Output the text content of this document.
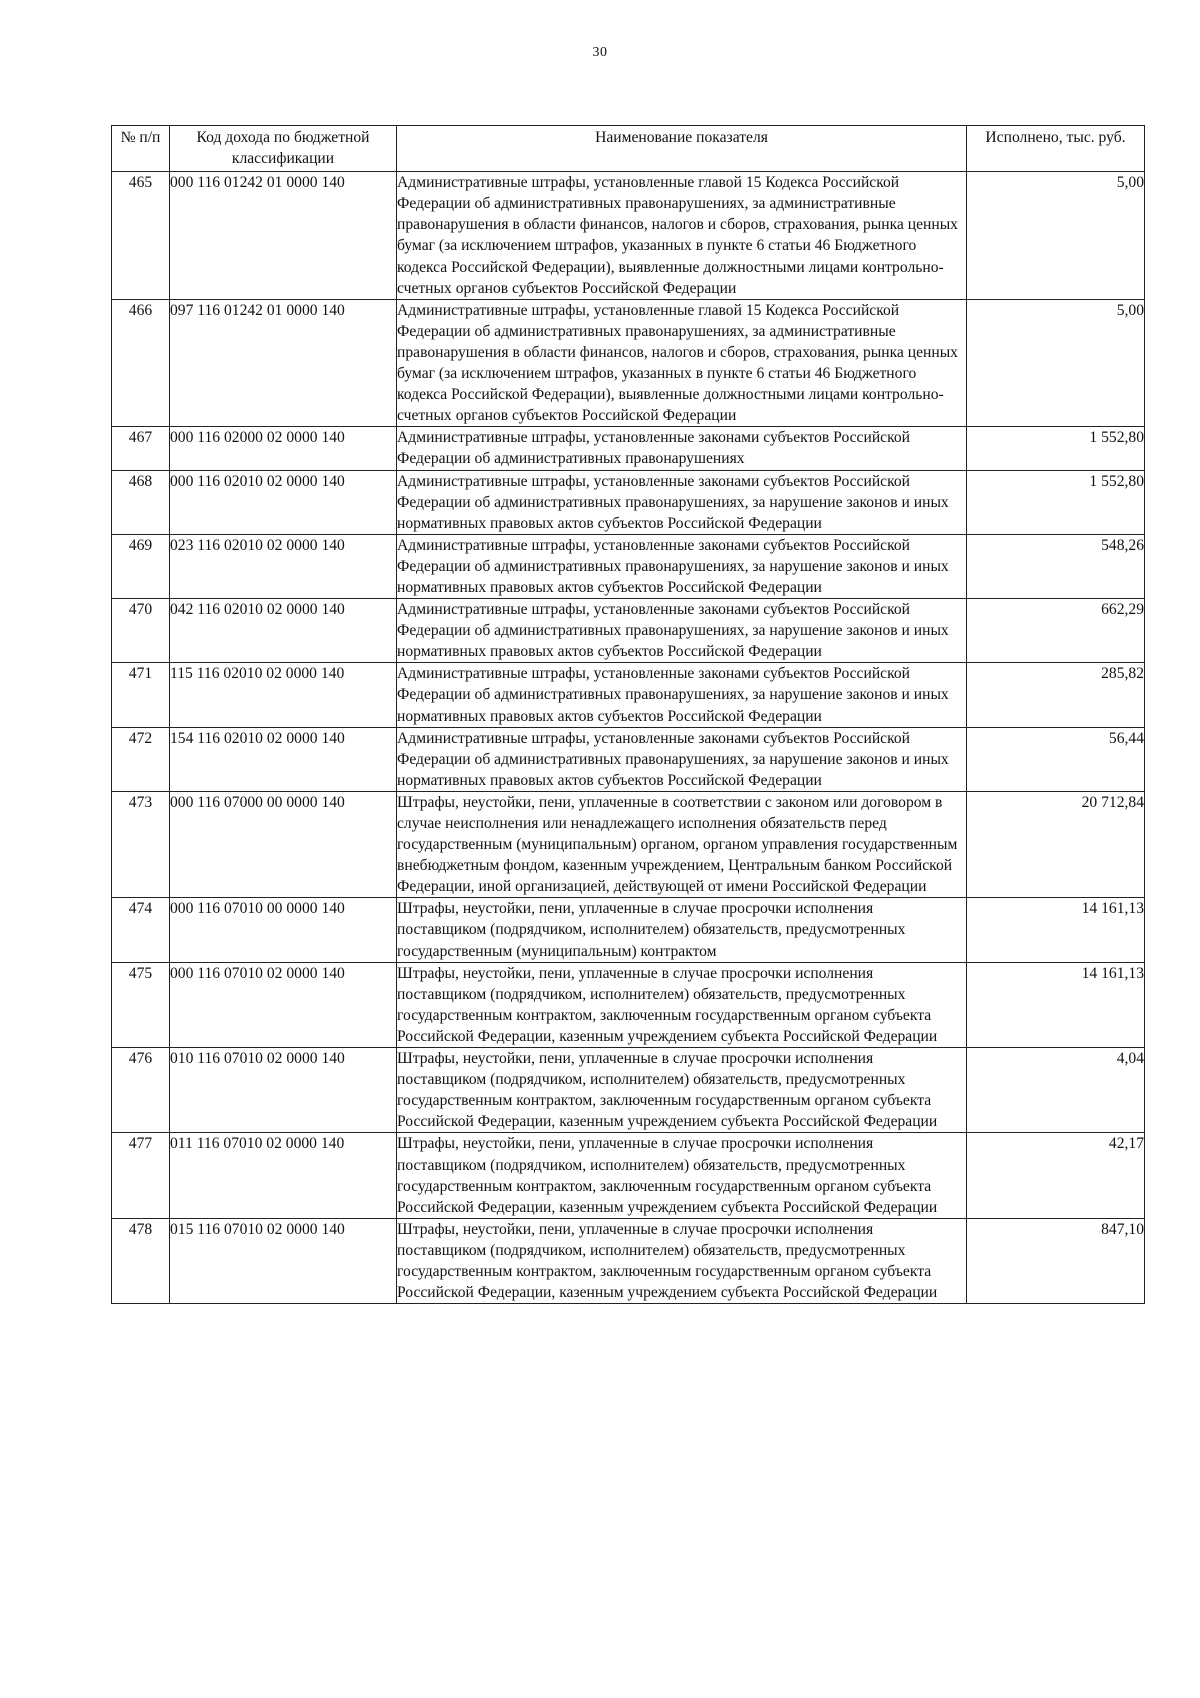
30
№ п/п	Код дохода по бюджетной классификации	Наименование показателя	Исполнено, тыс. руб.
465	000 116 01242 01 0000 140	Административные штрафы, установленные главой 15 Кодекса Российской Федерации об административных правонарушениях, за административные правонарушения в области финансов, налогов и сборов, страхования, рынка ценных бумаг (за исключением штрафов, указанных в пункте 6 статьи 46 Бюджетного кодекса Российской Федерации), выявленные должностными лицами контрольно-счетных органов субъектов Российской Федерации	5,00
466	097 116 01242 01 0000 140	Административные штрафы, установленные главой 15 Кодекса Российской Федерации об административных правонарушениях, за административные правонарушения в области финансов, налогов и сборов, страхования, рынка ценных бумаг (за исключением штрафов, указанных в пункте 6 статьи 46 Бюджетного кодекса Российской Федерации), выявленные должностными лицами контрольно-счетных органов субъектов Российской Федерации	5,00
467	000 116 02000 02 0000 140	Административные штрафы, установленные законами субъектов Российской Федерации об административных правонарушениях	1 552,80
468	000 116 02010 02 0000 140	Административные штрафы, установленные законами субъектов Российской Федерации об административных правонарушениях, за нарушение законов и иных нормативных правовых актов субъектов Российской Федерации	1 552,80
469	023 116 02010 02 0000 140	Административные штрафы, установленные законами субъектов Российской Федерации об административных правонарушениях, за нарушение законов и иных нормативных правовых актов субъектов Российской Федерации	548,26
470	042 116 02010 02 0000 140	Административные штрафы, установленные законами субъектов Российской Федерации об административных правонарушениях, за нарушение законов и иных нормативных правовых актов субъектов Российской Федерации	662,29
471	115 116 02010 02 0000 140	Административные штрафы, установленные законами субъектов Российской Федерации об административных правонарушениях, за нарушение законов и иных нормативных правовых актов субъектов Российской Федерации	285,82
472	154 116 02010 02 0000 140	Административные штрафы, установленные законами субъектов Российской Федерации об административных правонарушениях, за нарушение законов и иных нормативных правовых актов субъектов Российской Федерации	56,44
473	000 116 07000 00 0000 140	Штрафы, неустойки, пени, уплаченные в соответствии с законом или договором в случае неисполнения или ненадлежащего исполнения обязательств перед государственным (муниципальным) органом, органом управления государственным внебюджетным фондом, казенным учреждением, Центральным банком Российской Федерации, иной организацией, действующей от имени Российской Федерации	20 712,84
474	000 116 07010 00 0000 140	Штрафы, неустойки, пени, уплаченные в случае просрочки исполнения поставщиком (подрядчиком, исполнителем) обязательств, предусмотренных государственным (муниципальным) контрактом	14 161,13
475	000 116 07010 02 0000 140	Штрафы, неустойки, пени, уплаченные в случае просрочки исполнения поставщиком (подрядчиком, исполнителем) обязательств, предусмотренных государственным контрактом, заключенным государственным органом субъекта Российской Федерации, казенным учреждением субъекта Российской Федерации	14 161,13
476	010 116 07010 02 0000 140	Штрафы, неустойки, пени, уплаченные в случае просрочки исполнения поставщиком (подрядчиком, исполнителем) обязательств, предусмотренных государственным контрактом, заключенным государственным органом субъекта Российской Федерации, казенным учреждением субъекта Российской Федерации	4,04
477	011 116 07010 02 0000 140	Штрафы, неустойки, пени, уплаченные в случае просрочки исполнения поставщиком (подрядчиком, исполнителем) обязательств, предусмотренных государственным контрактом, заключенным государственным органом субъекта Российской Федерации, казенным учреждением субъекта Российской Федерации	42,17
478	015 116 07010 02 0000 140	Штрафы, неустойки, пени, уплаченные в случае просрочки исполнения поставщиком (подрядчиком, исполнителем) обязательств, предусмотренных государственным контрактом, заключенным государственным органом субъекта Российской Федерации, казенным учреждением субъекта Российской Федерации	847,10
